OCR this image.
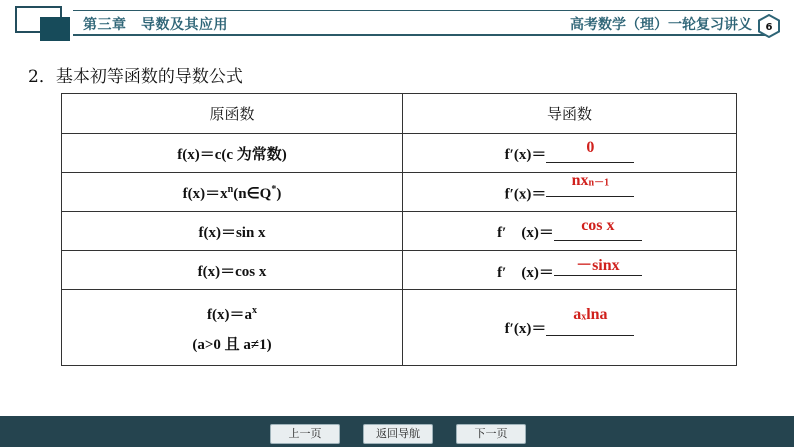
第三章　导数及其应用	高考数学（理）一轮复习讲义 6
2．基本初等函数的导数公式
原函数	导函数
f(x)＝c(c 为常数)	f′(x)＝ 0
$f(x)=x^n(n\in Q^*)$	$f'(x)=nx^{n-1}$
f(x)＝sin x	f′　(x)＝ cos x
f(x)＝cos x	f′　(x)＝ －sinx
$f(x)=a^x$
(a>0 且 a≠1)	$f'(x)=a^x\ln a$
上一页	返回导航	下一页
